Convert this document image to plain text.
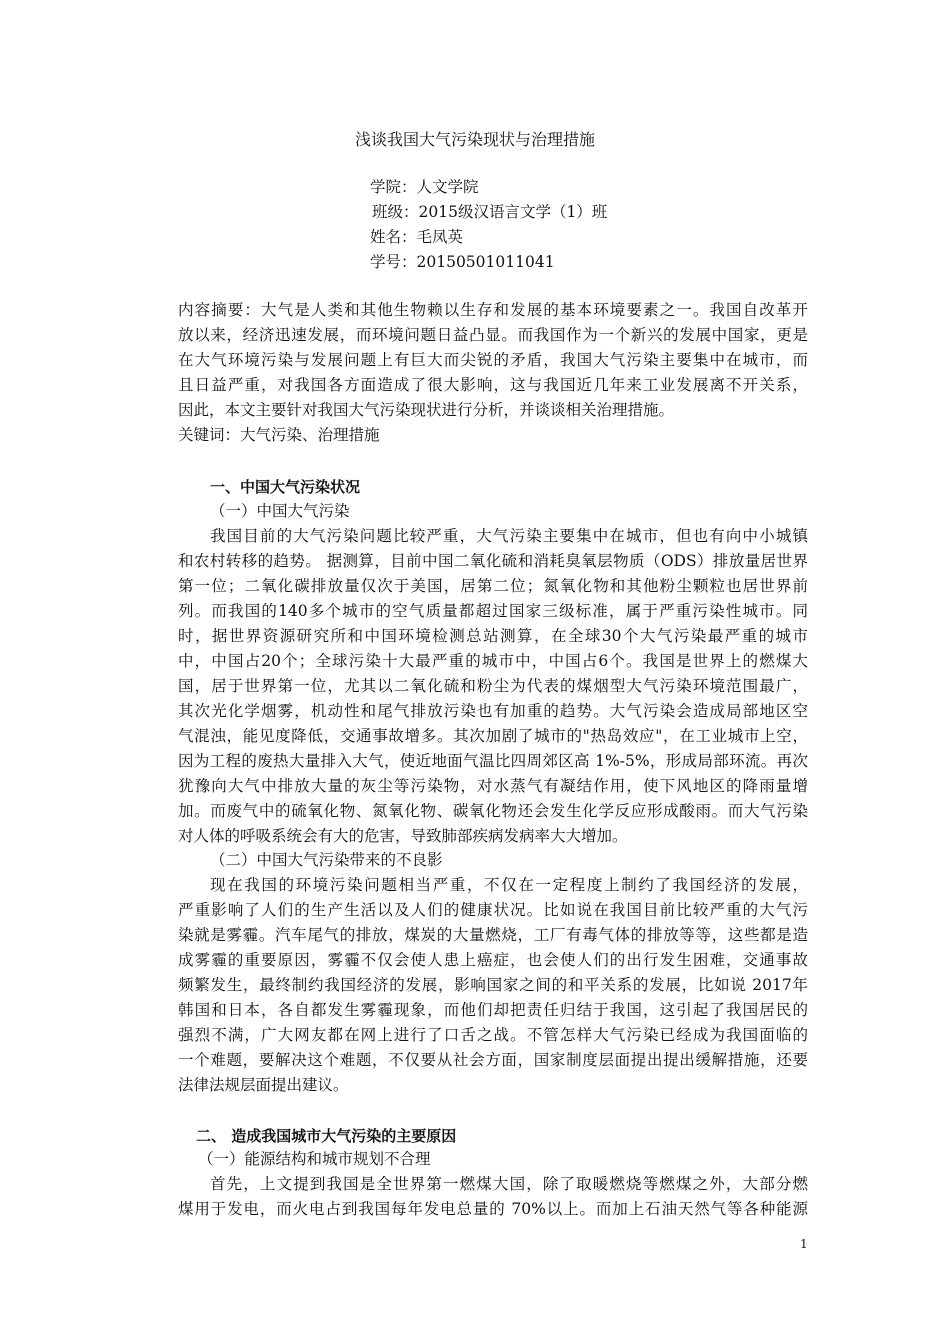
浅谈我国大气污染现状与治理措施
学院：人文学院
班级：2015级汉语言文学（1）班
姓名：毛凤英
学号：20150501011041
内容摘要：大气是人类和其他生物赖以生存和发展的基本环境要素之一。我国自改革开
放以来，经济迅速发展，而环境问题日益凸显。而我国作为一个新兴的发展中国家，更是
在大气环境污染与发展问题上有巨大而尖锐的矛盾，我国大气污染主要集中在城市，而
且日益严重，对我国各方面造成了很大影响，这与我国近几年来工业发展离不开关系，
因此，本文主要针对我国大气污染现状进行分析，并谈谈相关治理措施。
关键词：大气污染、治理措施
一、中国大气污染状况
（一）中国大气污染
我国目前的大气污染问题比较严重，大气污染主要集中在城市，但也有向中小城镇
和农村转移的趋势。 据测算，目前中国二氧化硫和消耗臭氧层物质（ODS）排放量居世界
第一位；二氧化碳排放量仅次于美国，居第二位；氮氧化物和其他粉尘颗粒也居世界前
列。而我国的140多个城市的空气质量都超过国家三级标准，属于严重污染性城市。同
时，据世界资源研究所和中国环境检测总站测算，在全球30个大气污染最严重的城市
中，中国占20个；全球污染十大最严重的城市中，中国占6个。我国是世界上的燃煤大
国，居于世界第一位，尤其以二氧化硫和粉尘为代表的煤烟型大气污染环境范围最广，
其次光化学烟雾，机动性和尾气排放污染也有加重的趋势。大气污染会造成局部地区空
气混浊，能见度降低，交通事故增多。其次加剧了城市的"热岛效应"，在工业城市上空，
因为工程的废热大量排入大气，使近地面气温比四周郊区高 1%-5%，形成局部环流。再次
犹豫向大气中排放大量的灰尘等污染物，对水蒸气有凝结作用，使下风地区的降雨量增
加。而废气中的硫氧化物、氮氧化物、碳氧化物还会发生化学反应形成酸雨。而大气污染
对人体的呼吸系统会有大的危害，导致肺部疾病发病率大大增加。
（二）中国大气污染带来的不良影
现在我国的环境污染问题相当严重，不仅在一定程度上制约了我国经济的发展，
严重影响了人们的生产生活以及人们的健康状况。比如说在我国目前比较严重的大气污
染就是雾霾。汽车尾气的排放，煤炭的大量燃烧，工厂有毒气体的排放等等，这些都是造
成雾霾的重要原因，雾霾不仅会使人患上癌症，也会使人们的出行发生困难，交通事故
频繁发生，最终制约我国经济的发展，影响国家之间的和平关系的发展，比如说 2017年
韩国和日本，各自都发生雾霾现象，而他们却把责任归结于我国，这引起了我国居民的
强烈不满，广大网友都在网上进行了口舌之战。不管怎样大气污染已经成为我国面临的
一个难题，要解决这个难题，不仅要从社会方面，国家制度层面提出提出缓解措施，还要
法律法规层面提出建议。
二、 造成我国城市大气污染的主要原因
（一）能源结构和城市规划不合理
首先，上文提到我国是全世界第一燃煤大国，除了取暖燃烧等燃煤之外，大部分燃
煤用于发电，而火电占到我国每年发电总量的 70%以上。而加上石油天然气等各种能源
1
